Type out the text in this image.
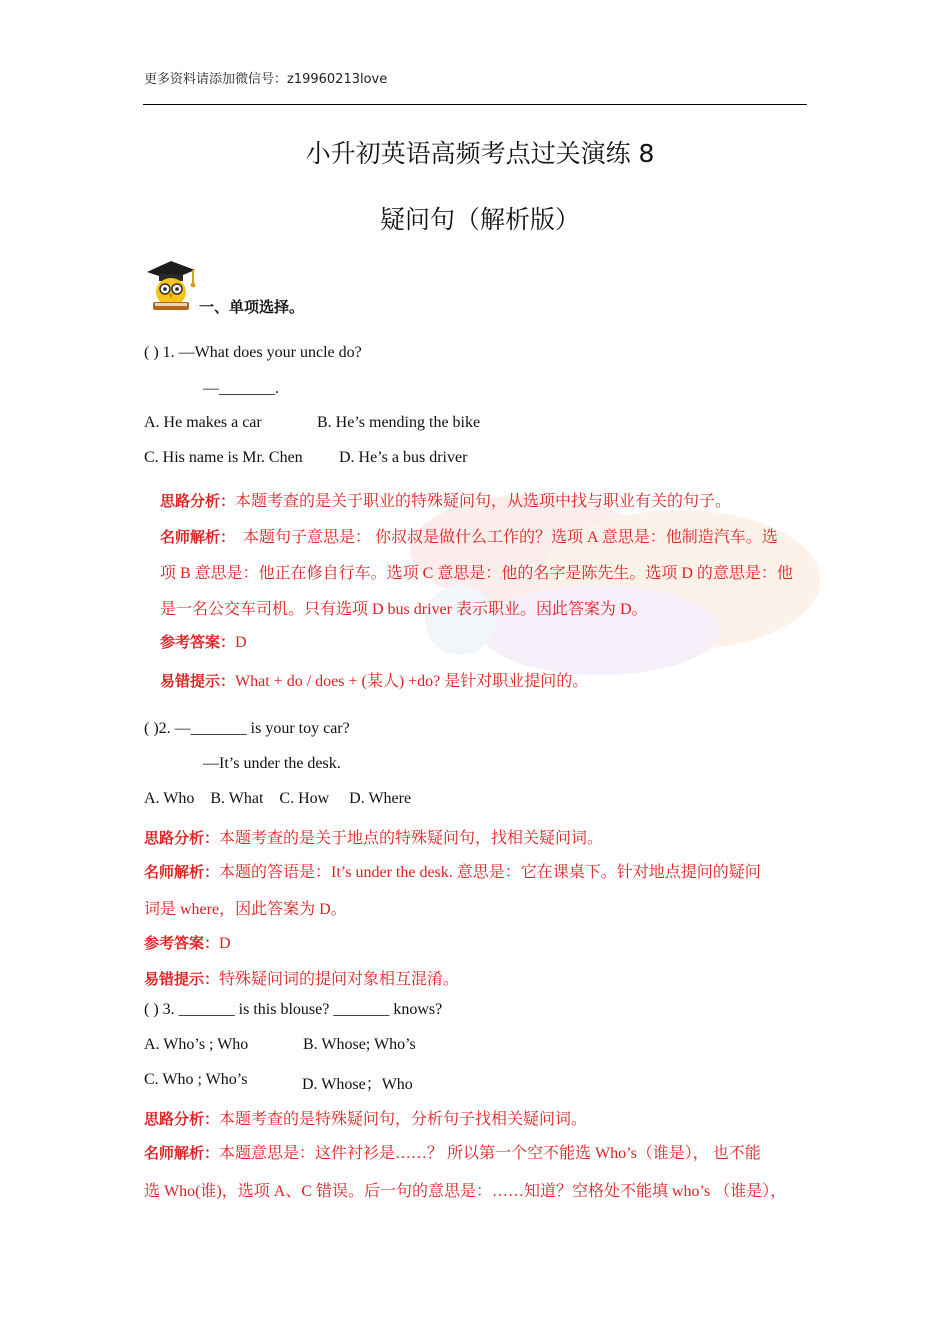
更多资料请添加微信号：z19960213love
小升初英语高频考点过关演练 8
疑问句（解析版）
一、单项选择。
( ) 1. —What does your uncle do?
—_______.
A. He makes a car	B. He’s mending the bike
C. His name is Mr. Chen D. He’s a bus driver
思路分析：本题考查的是关于职业的特殊疑问句，从选项中找与职业有关的句子。
名师解析： 本题句子意思是： 你叔叔是做什么工作的？选项 A 意思是：他制造汽车。选
项 B 意思是：他正在修自行车。选项 C 意思是：他的名字是陈先生。选项 D 的意思是：他
是一名公交车司机。只有选项 D bus driver 表示职业。因此答案为 D。
参考答案：D
易错提示：What + do / does + (某人) +do? 是针对职业提问的。
( )2. —_______ is your toy car?
—It’s under the desk.
A. Who    B. What    C. How     D. Where
思路分析：本题考查的是关于地点的特殊疑问句，找相关疑问词。
名师解析：本题的答语是：It’s under the desk. 意思是：它在课桌下。针对地点提问的疑问
词是 where，因此答案为 D。
参考答案：D
易错提示：特殊疑问词的提问对象相互混淆。
( ) 3. _______ is this blouse? _______ knows?
A. Who’s ; Who	B. Whose; Who’s
C. Who ; Who’s	D. Whose；Who
思路分析：本题考查的是特殊疑问句，分析句子找相关疑问词。
名师解析：本题意思是：这件衬衫是……？ 所以第一个空不能选 Who’s（谁是）， 也不能
选 Who(谁)，选项 A、C 错误。后一句的意思是：……知道？空格处不能填 who’s （谁是），
